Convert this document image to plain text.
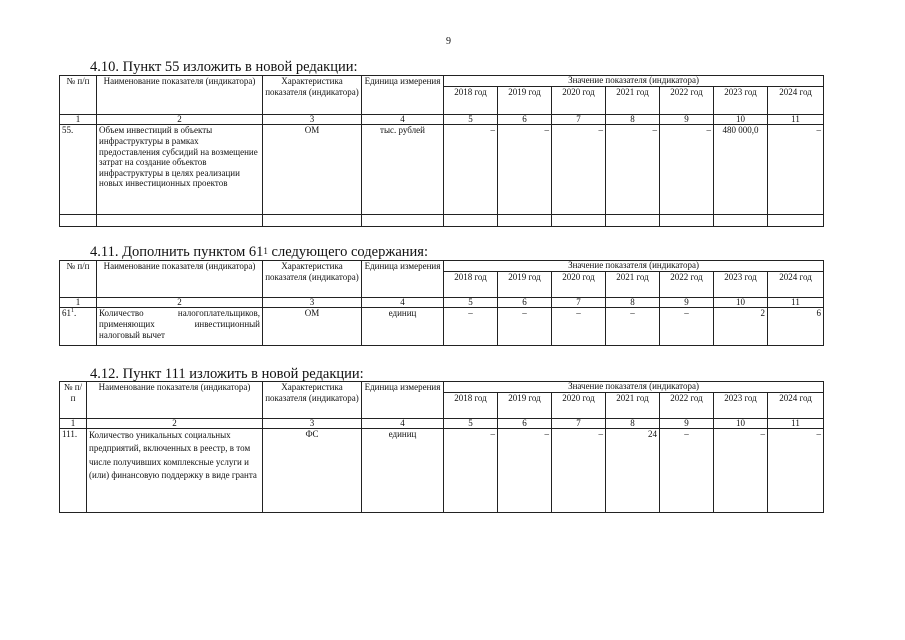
9
4.10. Пункт 55 изложить в новой редакции:
№ п/п	Наименование показателя (индикатора)	Характеристика показателя (индикатора)	Единица измерения	Значение показателя (индикатора)						
				2018 год	2019 год	2020 год	2021 год	2022 год	2023 год	2024 год
1	2	3	4	5	6	7	8	9	10	11
55.	Объем инвестиций в объекты инфраструктуры в рамках предоставления субсидий на возмещение затрат на создание объектов инфраструктуры в целях реализации новых инвестиционных проектов	ОМ	тыс. рублей	–	–	–	–	–	480 000,0	–

4.11. Дополнить пунктом $61^1$ следующего содержания:
№ п/п	Наименование показателя (индикатора)	Характеристика показателя (индикатора)	Единица измерения	Значение показателя (индикатора)						
				2018 год	2019 год	2020 год	2021 год	2022 год	2023 год	2024 год
1	2	3	4	5	6	7	8	9	10	11
$61^1$.	Количество налогоплательщиков, применяющих инвестиционный налоговый вычет	ОМ	единиц	–	–	–	–	–	2	6
4.12. Пункт 111 изложить в новой редакции:
№ п/п	Наименование показателя (индикатора)	Характеристика показателя (индикатора)	Единица измерения	Значение показателя (индикатора)						
				2018 год	2019 год	2020 год	2021 год	2022 год	2023 год	2024 год
1	2	3	4	5	6	7	8	9	10	11
111.	Количество уникальных социальных предприятий, включенных в реестр, в том числе получивших комплексные услуги и (или) финансовую поддержку в виде гранта	ФС	единиц	–	–	–	24	–	–	–
